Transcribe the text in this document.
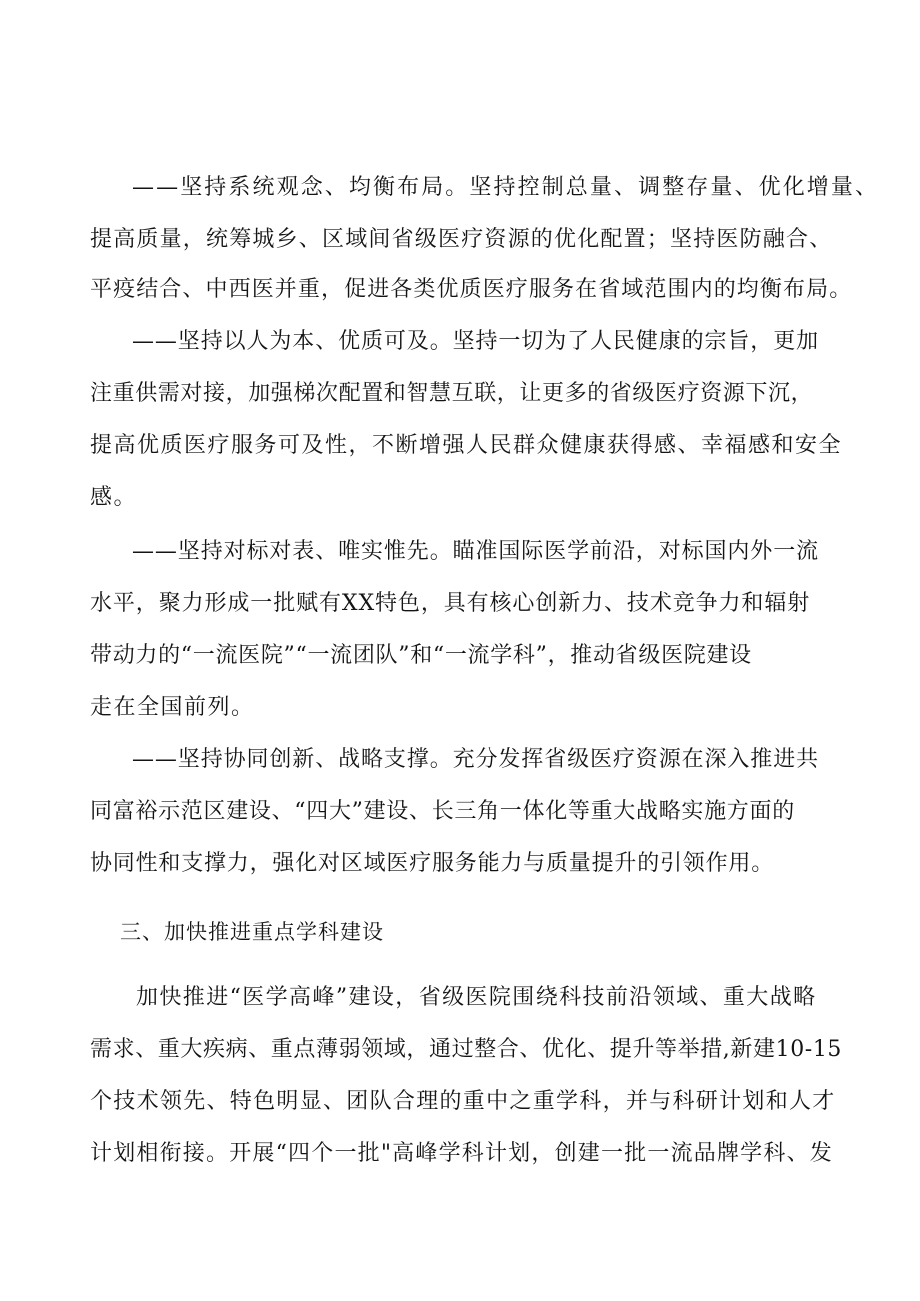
——坚持系统观念、均衡布局。坚持控制总量、调整存量、优化增量、
提高质量，统筹城乡、区域间省级医疗资源的优化配置；坚持医防融合、
平疫结合、中西医并重，促进各类优质医疗服务在省域范围内的均衡布局。
——坚持以人为本、优质可及。坚持一切为了人民健康的宗旨，更加
注重供需对接，加强梯次配置和智慧互联，让更多的省级医疗资源下沉，
提高优质医疗服务可及性，不断增强人民群众健康获得感、幸福感和安全
感。
——坚持对标对表、唯实惟先。瞄准国际医学前沿，对标国内外一流
水平，聚力形成一批赋有XX特色，具有核心创新力、技术竞争力和辐射
带动力的“一流医院”“一流团队”和“一流学科”，推动省级医院建设
走在全国前列。
——坚持协同创新、战略支撑。充分发挥省级医疗资源在深入推进共
同富裕示范区建设、“四大”建设、长三角一体化等重大战略实施方面的
协同性和支撑力，强化对区域医疗服务能力与质量提升的引领作用。
三、加快推进重点学科建设
加快推进“医学高峰”建设，省级医院围绕科技前沿领域、重大战略
需求、重大疾病、重点薄弱领域，通过整合、优化、提升等举措,新建10-15
个技术领先、特色明显、团队合理的重中之重学科，并与科研计划和人才
计划相衔接。开展“四个一批"高峰学科计划，创建一批一流品牌学科、发
